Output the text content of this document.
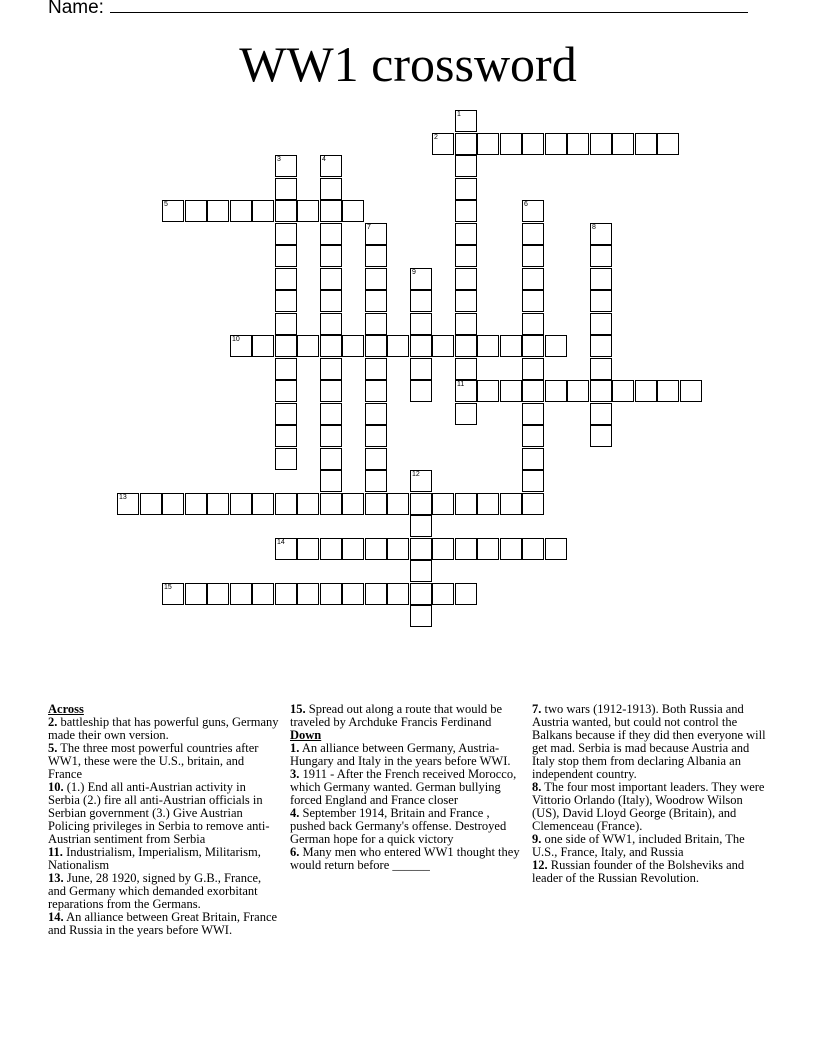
Name:
WW1 crossword
1
11
2
3	4
5	6
7	8
9
10
12
13
14
15

Across

2. battleship that has powerful guns, Germany made their own version.

5. The three most powerful countries after WW1, these were the U.S., britain, and France

10. (1.) End all anti-Austrian activity in Serbia (2.) fire all anti-Austrian officials in Serbian government (3.) Give Austrian Policing privileges in Serbia to remove anti-Austrian sentiment from Serbia

11. Industrialism, Imperialism, Militarism, Nationalism

13. June, 28 1920, signed by G.B., France, and Germany which demanded exorbitant reparations from the Germans.

14. An alliance between Great Britain, France and Russia in the years before WWI.

15. Spread out along a route that would be traveled by Archduke Francis Ferdinand

Down

1. An alliance between Germany, Austria-Hungary and Italy in the years before WWI.

3. 1911 - After the French received Morocco, which Germany wanted. German bullying forced England and France closer

4. September 1914, Britain and France , pushed back Germany's offense. Destroyed German hope for a quick victory

6. Many men who entered WW1 thought they would return before ______

7. two wars (1912-1913). Both Russia and Austria wanted, but could not control the Balkans because if they did then everyone will get mad. Serbia is mad because Austria and Italy stop them from declaring Albania an independent country.

8. The four most important leaders. They were Vittorio Orlando (Italy), Woodrow Wilson (US), David Lloyd George (Britain), and Clemenceau (France).

9. one side of WW1, included Britain, The U.S., France, Italy, and Russia

12. Russian founder of the Bolsheviks and leader of the Russian Revolution.
